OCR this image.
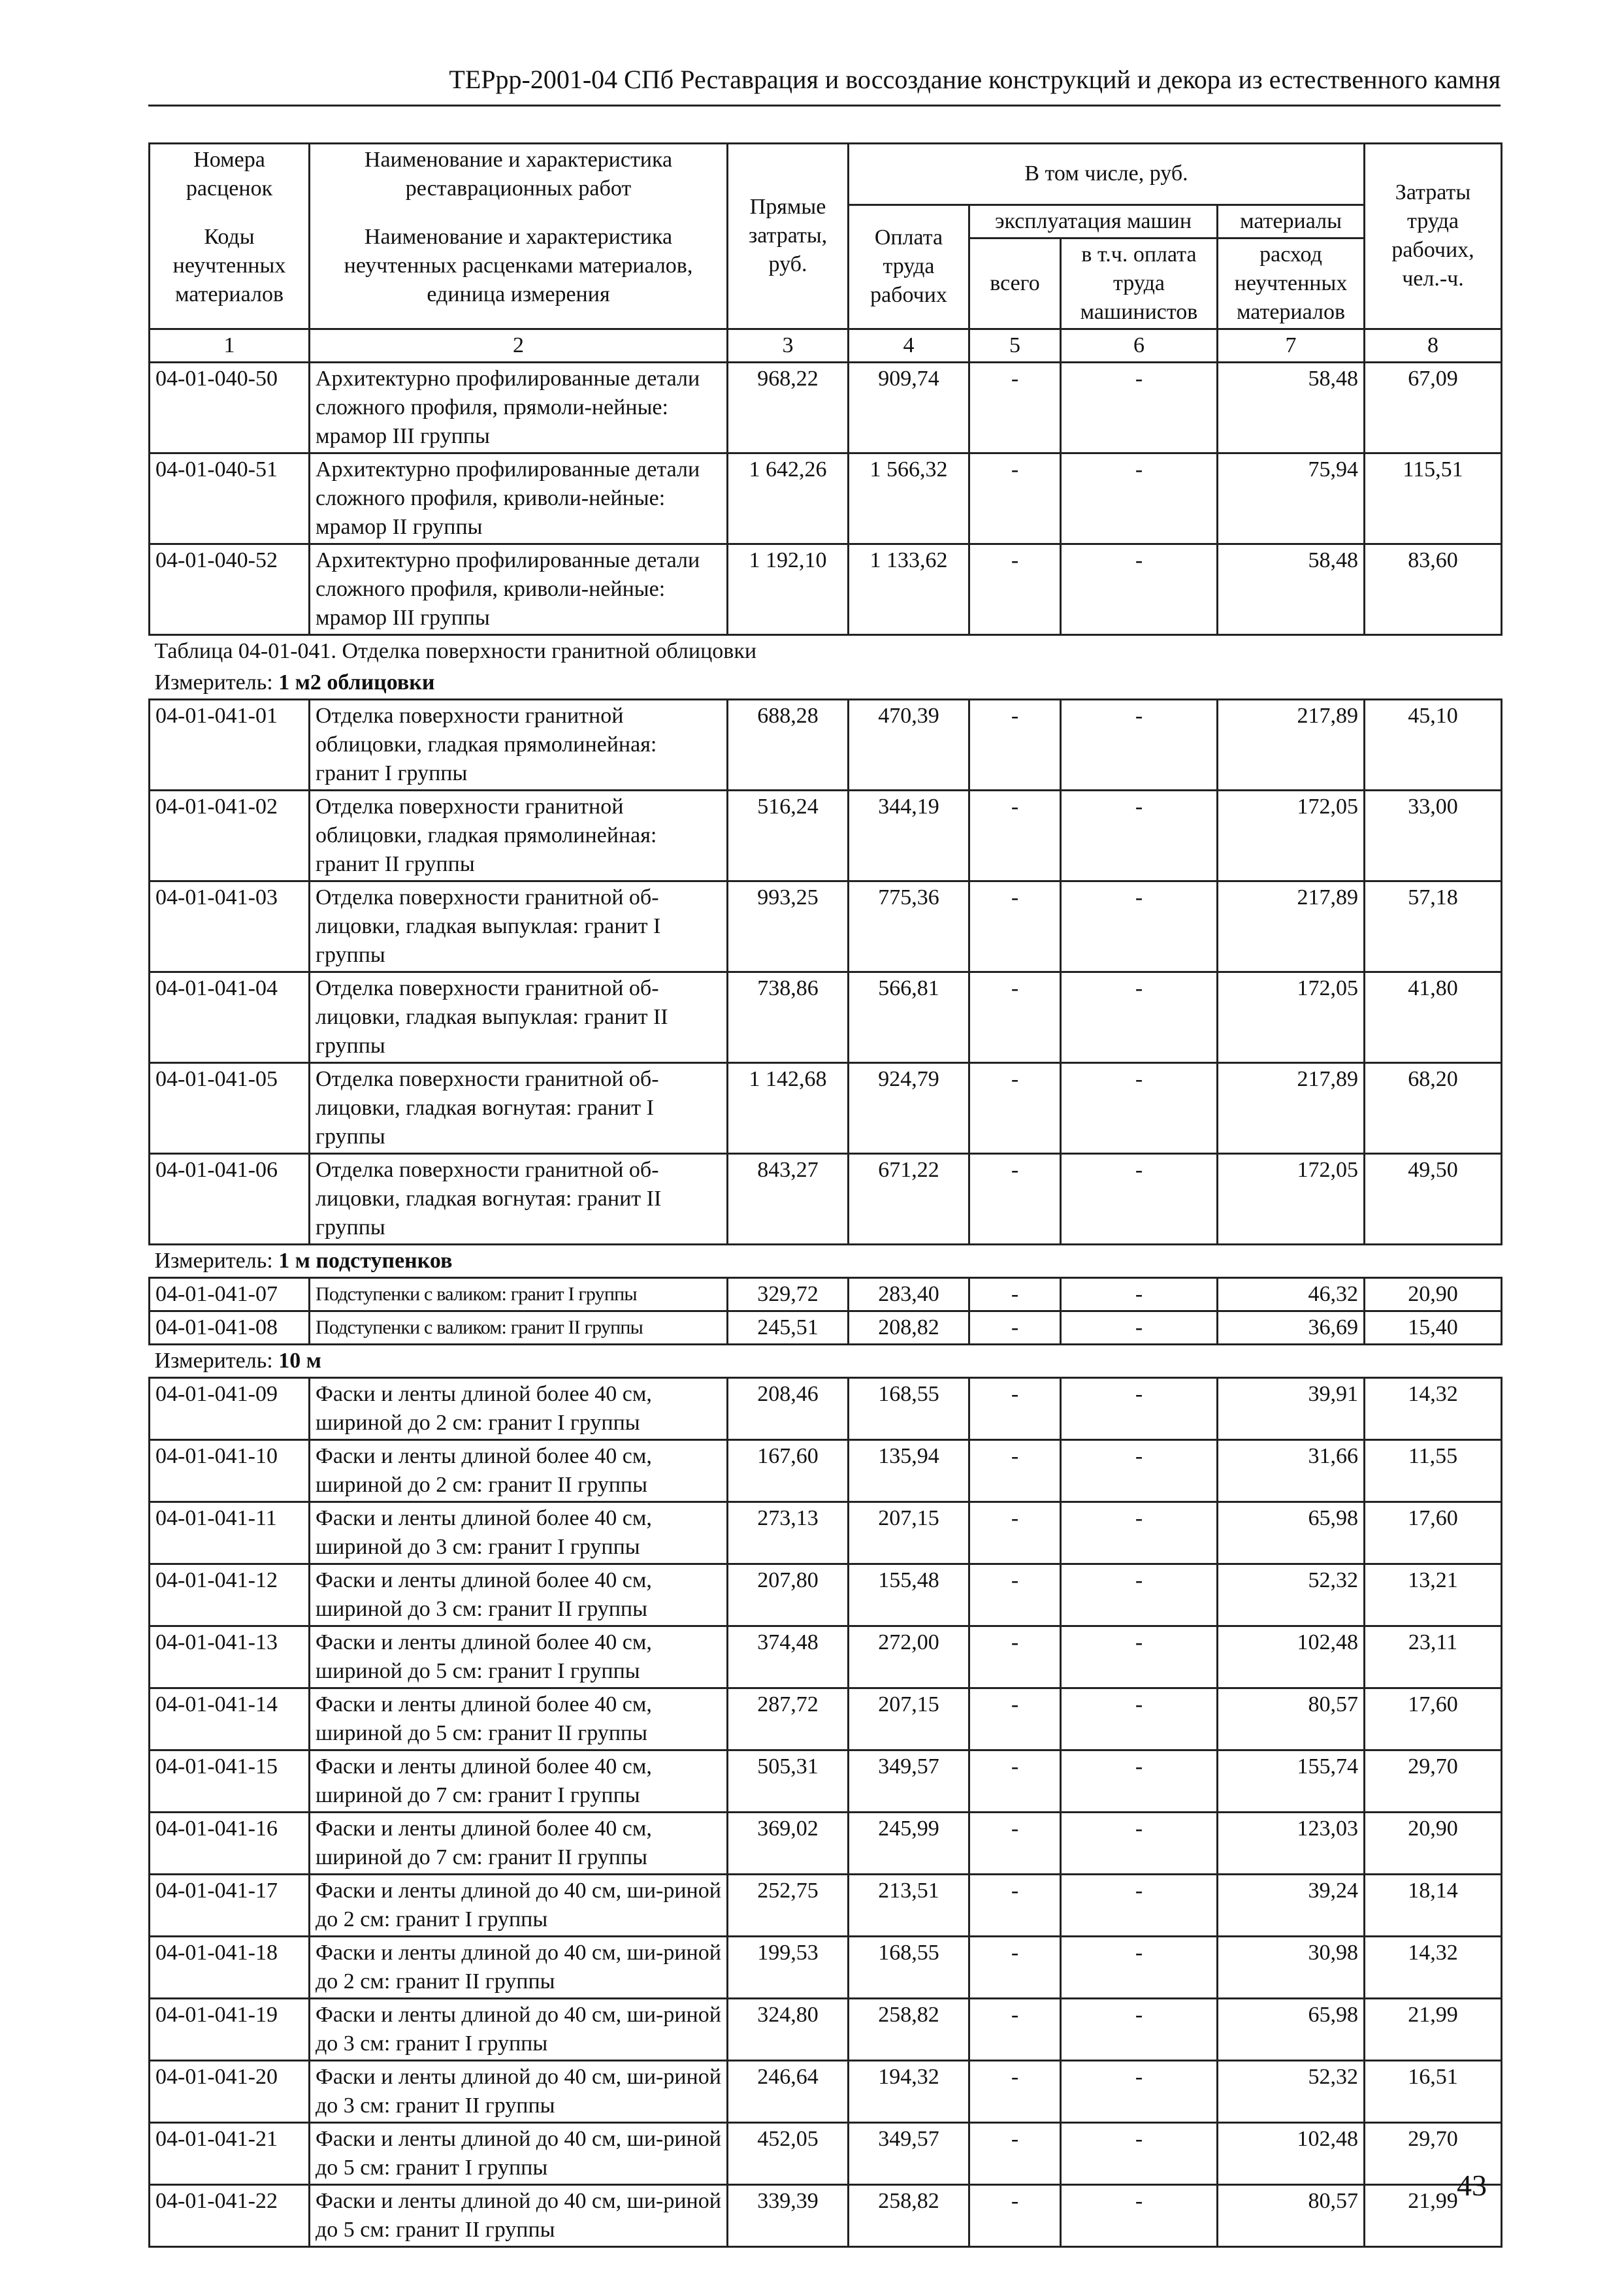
ТЕРрр-2001-04 СПб Реставрация и воссоздание конструкций и декора из естественного камня
Номера расценок	Наименование и характеристика реставрационных работ	Прямые затраты, руб.	В том числе, руб.				Затраты труда рабочих, чел.-ч.
Коды неучтенных материалов	Наименование и характеристика неучтенных расценками материалов, единица измерения		Оплата труда рабочих	эксплуатация машин		материалы	
				всего	в т.ч. оплата труда машинистов	расход неучтенных материалов	
1	2	3	4	5	6	7	8
04-01-040-50	Архитектурно профилированные детали сложного профиля, прямоли-нейные: мрамор III группы	968,22	909,74	-	-	58,48	67,09
04-01-040-51	Архитектурно профилированные детали сложного профиля, криволи-нейные: мрамор II группы	1 642,26	1 566,32	-	-	75,94	115,51
04-01-040-52	Архитектурно профилированные детали сложного профиля, криволи-нейные: мрамор III группы	1 192,10	1 133,62	-	-	58,48	83,60
Таблица 04-01-041. Отделка поверхности гранитной облицовки							
Измеритель: 1 м2 облицовки							
04-01-041-01	Отделка поверхности гранитной облицовки, гладкая прямолинейная: гранит I группы	688,28	470,39	-	-	217,89	45,10
04-01-041-02	Отделка поверхности гранитной облицовки, гладкая прямолинейная: гранит II группы	516,24	344,19	-	-	172,05	33,00
04-01-041-03	Отделка поверхности гранитной об-лицовки, гладкая выпуклая: гранит I группы	993,25	775,36	-	-	217,89	57,18
04-01-041-04	Отделка поверхности гранитной об-лицовки, гладкая выпуклая: гранит II группы	738,86	566,81	-	-	172,05	41,80
04-01-041-05	Отделка поверхности гранитной об-лицовки, гладкая вогнутая: гранит I группы	1 142,68	924,79	-	-	217,89	68,20
04-01-041-06	Отделка поверхности гранитной об-лицовки, гладкая вогнутая: гранит II группы	843,27	671,22	-	-	172,05	49,50
Измеритель: 1 м подступенков							
04-01-041-07	Подступенки с валиком: гранит I группы	329,72	283,40	-	-	46,32	20,90
04-01-041-08	Подступенки с валиком: гранит II группы	245,51	208,82	-	-	36,69	15,40
Измеритель: 10 м							
04-01-041-09	Фаски и ленты длиной более 40 см, шириной до 2 см: гранит I группы	208,46	168,55	-	-	39,91	14,32
04-01-041-10	Фаски и ленты длиной более 40 см, шириной до 2 см: гранит II группы	167,60	135,94	-	-	31,66	11,55
04-01-041-11	Фаски и ленты длиной более 40 см, шириной до 3 см: гранит I группы	273,13	207,15	-	-	65,98	17,60
04-01-041-12	Фаски и ленты длиной более 40 см, шириной до 3 см: гранит II группы	207,80	155,48	-	-	52,32	13,21
04-01-041-13	Фаски и ленты длиной более 40 см, шириной до 5 см: гранит I группы	374,48	272,00	-	-	102,48	23,11
04-01-041-14	Фаски и ленты длиной более 40 см, шириной до 5 см: гранит II группы	287,72	207,15	-	-	80,57	17,60
04-01-041-15	Фаски и ленты длиной более 40 см, шириной до 7 см: гранит I группы	505,31	349,57	-	-	155,74	29,70
04-01-041-16	Фаски и ленты длиной более 40 см, шириной до 7 см: гранит II группы	369,02	245,99	-	-	123,03	20,90
04-01-041-17	Фаски и ленты длиной до 40 см, ши-риной до 2 см: гранит I группы	252,75	213,51	-	-	39,24	18,14
04-01-041-18	Фаски и ленты длиной до 40 см, ши-риной до 2 см: гранит II группы	199,53	168,55	-	-	30,98	14,32
04-01-041-19	Фаски и ленты длиной до 40 см, ши-риной до 3 см: гранит I группы	324,80	258,82	-	-	65,98	21,99
04-01-041-20	Фаски и ленты длиной до 40 см, ши-риной до 3 см: гранит II группы	246,64	194,32	-	-	52,32	16,51
04-01-041-21	Фаски и ленты длиной до 40 см, ши-риной до 5 см: гранит I группы	452,05	349,57	-	-	102,48	29,70
04-01-041-22	Фаски и ленты длиной до 40 см, ши-риной до 5 см: гранит II группы	339,39	258,82	-	-	80,57	21,99
43
